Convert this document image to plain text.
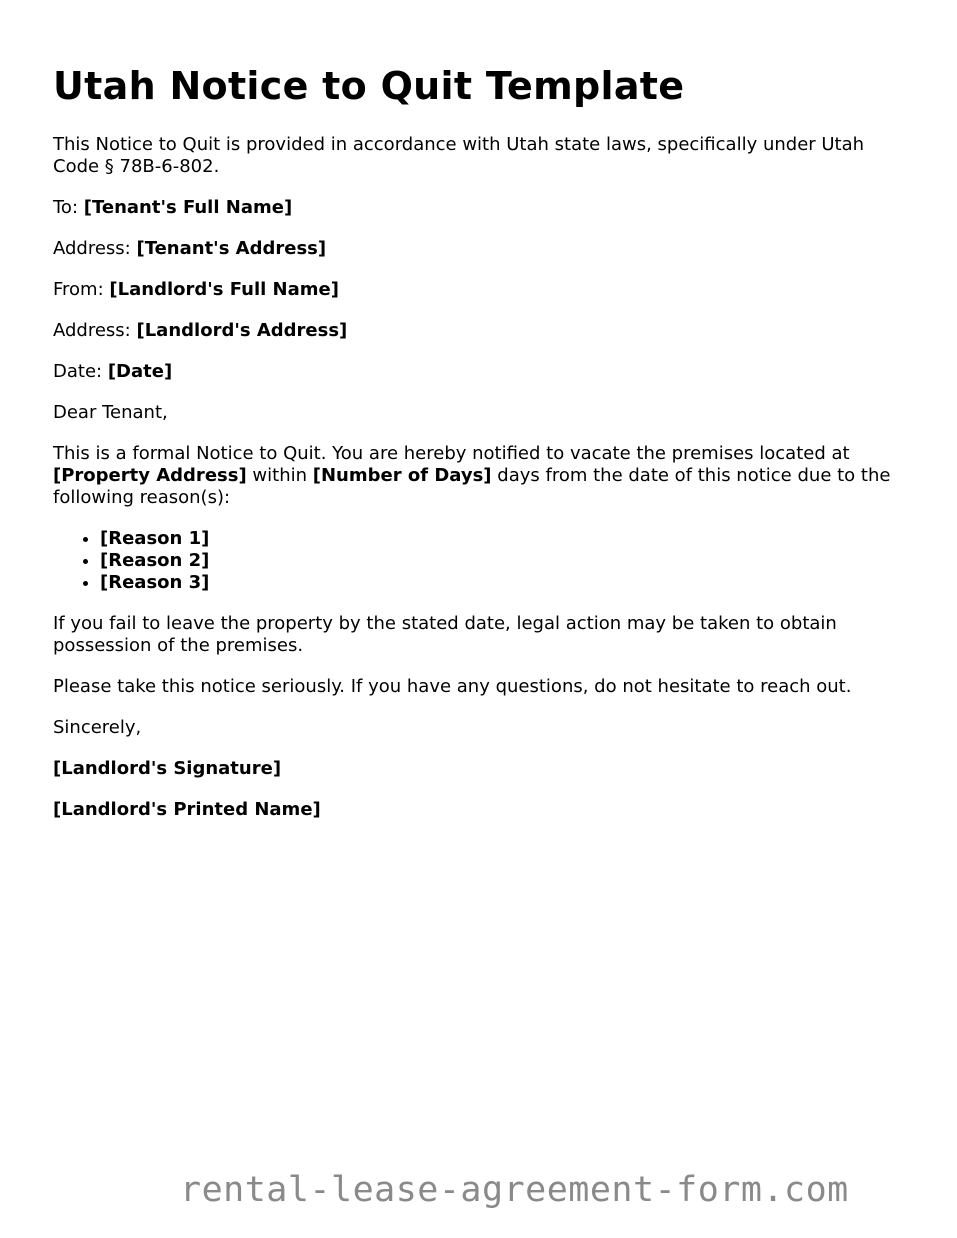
Utah Notice to Quit Template

This Notice to Quit is provided in accordance with Utah state laws, specifically under Utah Code § 78B-6-802.

To: [Tenant's Full Name]

Address: [Tenant's Address]

From: [Landlord's Full Name]

Address: [Landlord's Address]

Date: [Date]

Dear Tenant,

This is a formal Notice to Quit. You are hereby notified to vacate the premises located at [Property Address] within [Number of Days] days from the date of this notice due to the following reason(s):

• [Reason 1]
• [Reason 2]
• [Reason 3]

If you fail to leave the property by the stated date, legal action may be taken to obtain possession of the premises.

Please take this notice seriously. If you have any questions, do not hesitate to reach out.

Sincerely,

[Landlord's Signature]

[Landlord's Printed Name]

rental-lease-agreement-form.com
